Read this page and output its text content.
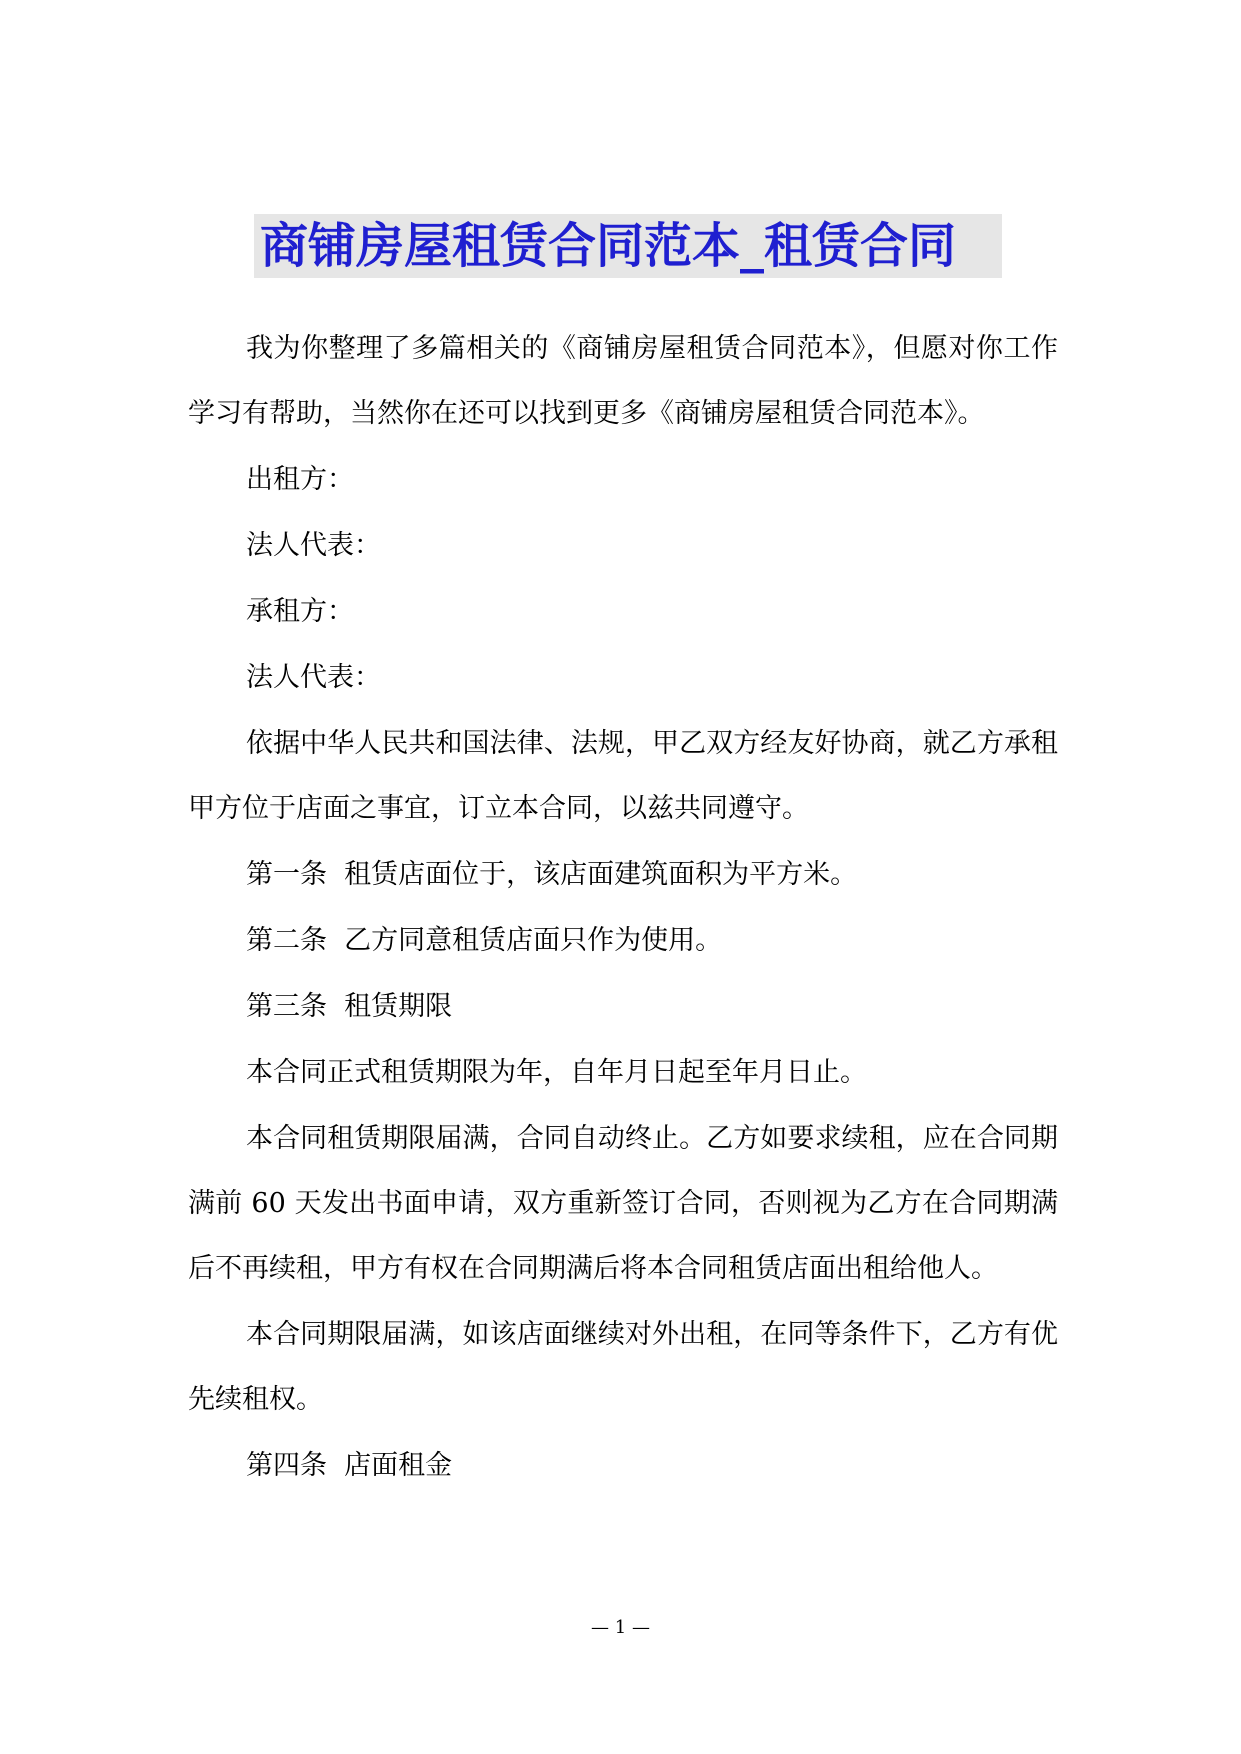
商铺房屋租赁合同范本_租赁合同

我为你整理了多篇相关的《商铺房屋租赁合同范本》，但愿对你工作学习有帮助，当然你在还可以找到更多《商铺房屋租赁合同范本》。

出租方：

法人代表：

承租方：

法人代表：

依据中华人民共和国法律、法规，甲乙双方经友好协商，就乙方承租甲方位于店面之事宜，订立本合同，以兹共同遵守。

第一条  租赁店面位于，该店面建筑面积为平方米。

第二条  乙方同意租赁店面只作为使用。

第三条  租赁期限

本合同正式租赁期限为年，自年月日起至年月日止。

本合同租赁期限届满，合同自动终止。乙方如要求续租，应在合同期满前 60 天发出书面申请，双方重新签订合同，否则视为乙方在合同期满后不再续租，甲方有权在合同期满后将本合同租赁店面出租给他人。

本合同期限届满，如该店面继续对外出租，在同等条件下，乙方有优先续租权。

第四条  店面租金

— 1 —
